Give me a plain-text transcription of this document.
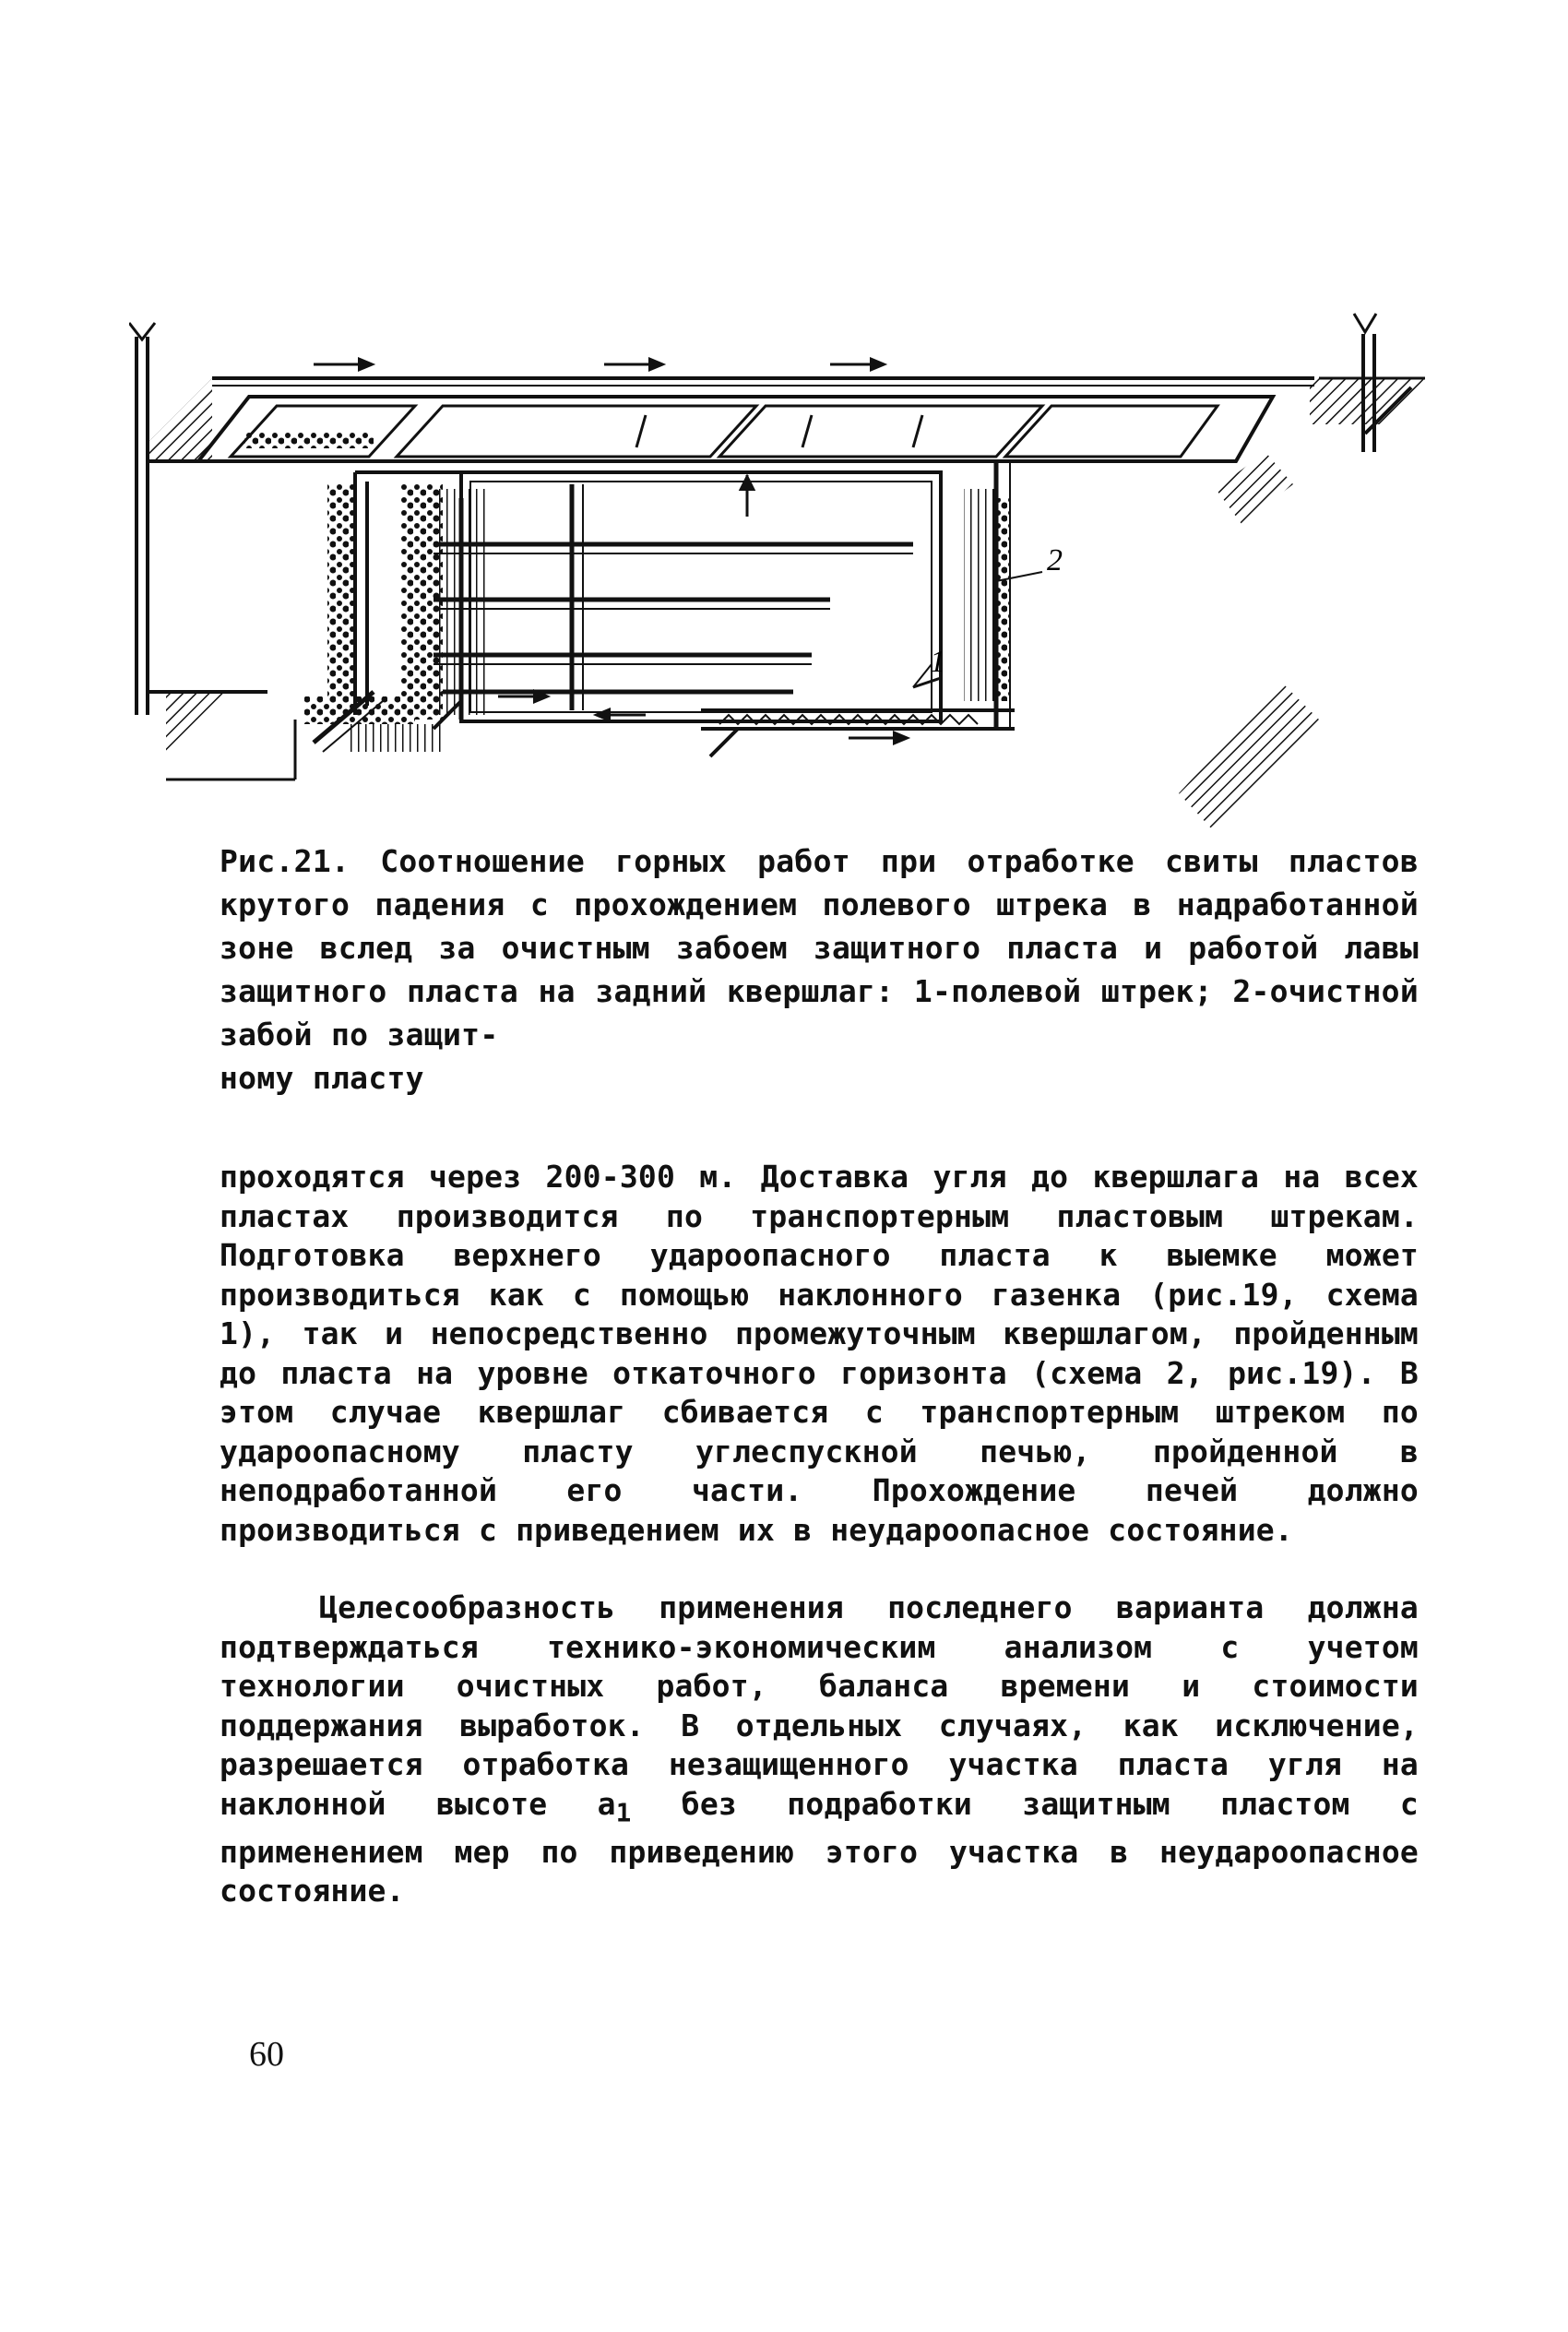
1
2
Рис.21. Соотношение горных работ при отработке свиты пластов крутого падения с прохождением полевого штрека в надработанной зоне вслед за очистным забоем защитного пласта и работой лавы защитного пласта на задний квершлаг: 1-полевой штрек; 2-очистной забой по защит-
ному пласту

проходятся через 200-300 м. Доставка угля до квершлага на всех пластах производится по транспортерным пластовым штрекам. Подготовка верхнего удароопасного пласта к выемке может производиться как с помощью наклонного газенка (рис.19, схема 1), так и непосредственно промежуточным квершлагом, пройденным до пласта на уровне откаточного горизонта (схема 2, рис.19). В этом случае квершлаг сбивается с транспортерным штреком по удароопасному пласту углеспускной печью, пройденной в неподработанной его части. Прохождение печей должно производиться с приведением их в неудароопасное состояние.

Целесообразность применения последнего варианта должна подтверждаться технико-экономическим анализом с учетом технологии очистных работ, баланса времени и стоимости поддержания выработок. В отдельных случаях, как исключение, разрешается отработка незащищенного участка пласта угля на наклонной высоте $а_1$ без подработки защитным пластом с применением мер по приведению этого участка в неудароопасное состояние.

60
